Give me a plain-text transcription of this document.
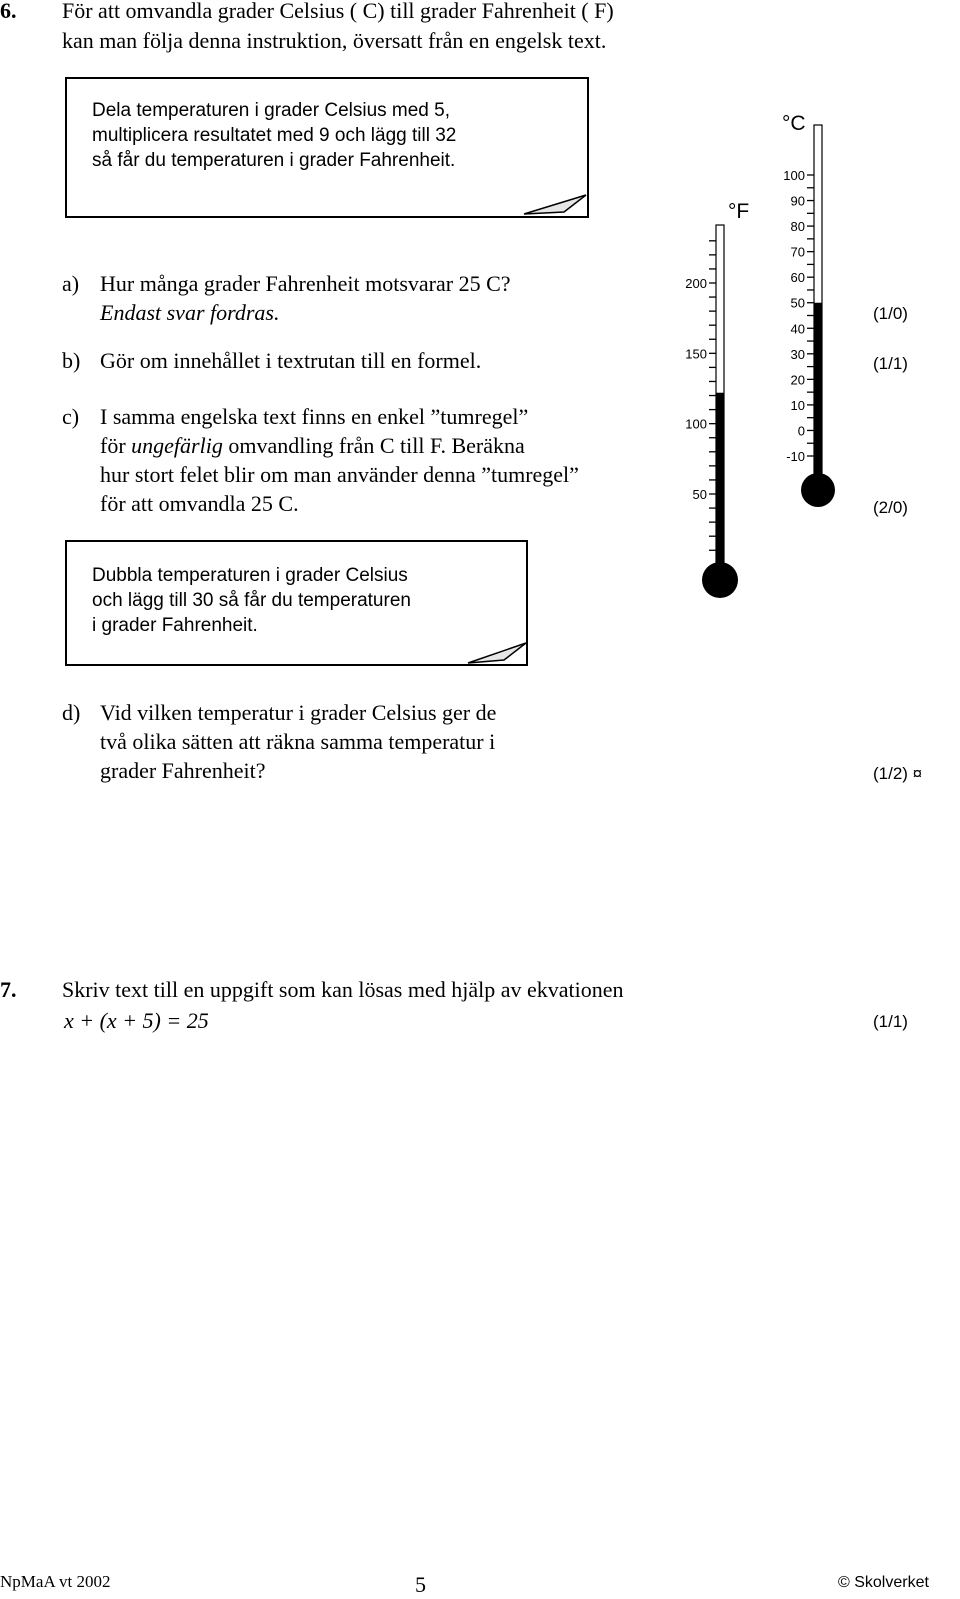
6. För att omvandla grader Celsius ( C) till grader Fahrenheit ( F)
kan man följa denna instruktion, översatt från en engelsk text.
Dela temperaturen i grader Celsius med 5,
multiplicera resultatet med 9 och lägg till 32
så får du temperaturen i grader Fahrenheit.
a) Hur många grader Fahrenheit motsvarar 25 C?
Endast svar fordras.	(1/0)
b) Gör om innehållet i textrutan till en formel.	(1/1)
c) I samma engelska text finns en enkel ”tumregel”
för ungefärlig omvandling från C till F. Beräkna
hur stort felet blir om man använder denna ”tumregel”
för att omvandla 25 C.	(2/0)
Dubbla temperaturen i grader Celsius
och lägg till 30 så får du temperaturen
i grader Fahrenheit.
d) Vid vilken temperatur i grader Celsius ger de
två olika sätten att räkna samma temperatur i
grader Fahrenheit?	(1/2) ¤
°F
°C
200
150
100
50
100
90
80
70
60
50
40
30
20
10
0
-10
7. Skriv text till en uppgift som kan lösas med hjälp av ekvationen
x + (x + 5) = 25	(1/1)
NpMaA vt 2002	5	© Skolverket
